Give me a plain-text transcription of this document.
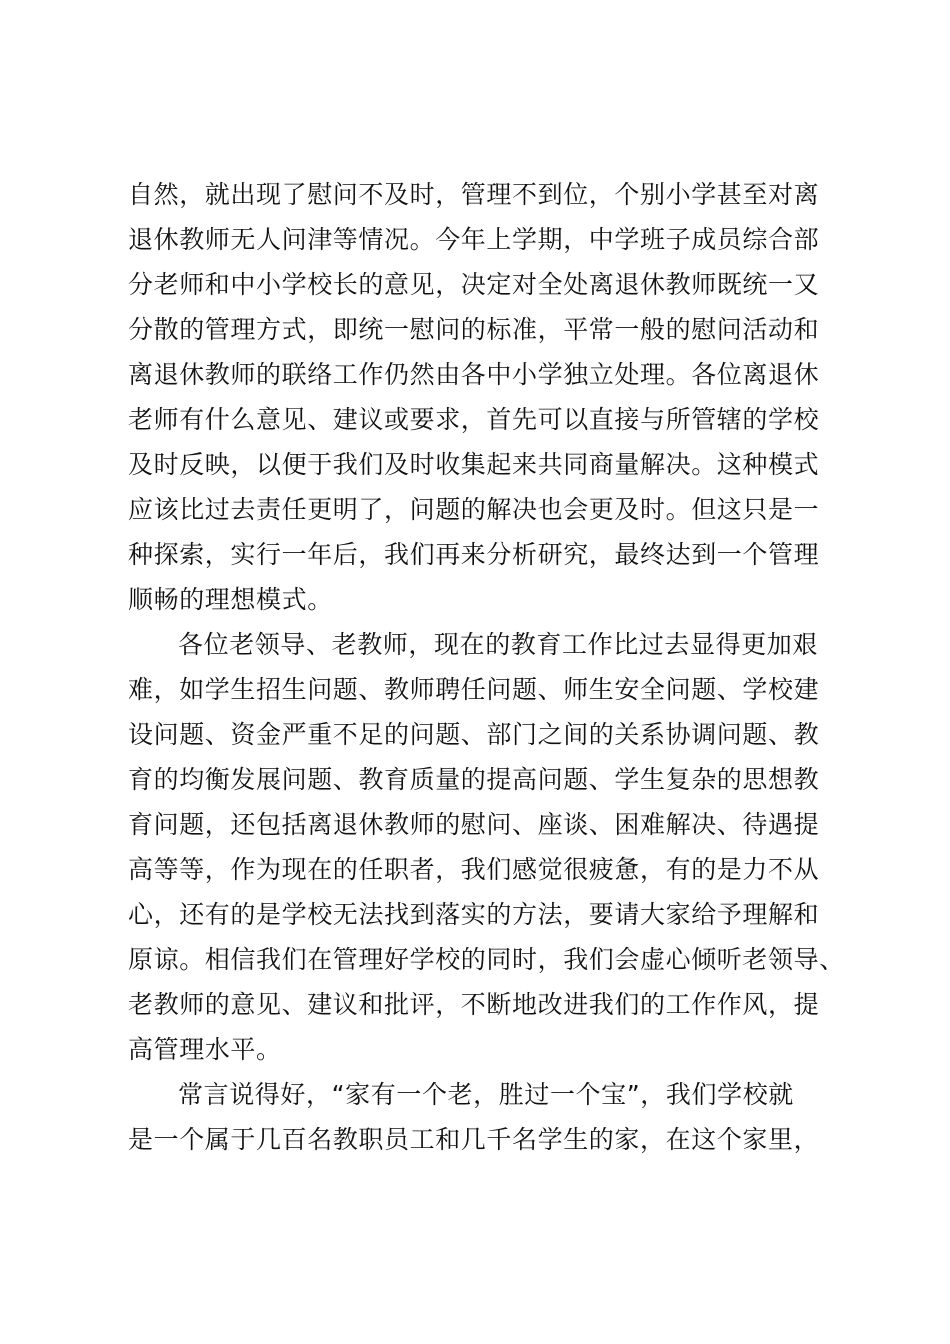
自然，就出现了慰问不及时，管理不到位，个别小学甚至对离
退休教师无人问津等情况。今年上学期，中学班子成员综合部
分老师和中小学校长的意见，决定对全处离退休教师既统一又
分散的管理方式，即统一慰问的标准，平常一般的慰问活动和
离退休教师的联络工作仍然由各中小学独立处理。各位离退休
老师有什么意见、建议或要求，首先可以直接与所管辖的学校
及时反映，以便于我们及时收集起来共同商量解决。这种模式
应该比过去责任更明了，问题的解决也会更及时。但这只是一
种探索，实行一年后，我们再来分析研究，最终达到一个管理
顺畅的理想模式。
各位老领导、老教师，现在的教育工作比过去显得更加艰
难，如学生招生问题、教师聘任问题、师生安全问题、学校建
设问题、资金严重不足的问题、部门之间的关系协调问题、教
育的均衡发展问题、教育质量的提高问题、学生复杂的思想教
育问题，还包括离退休教师的慰问、座谈、困难解决、待遇提
高等等，作为现在的任职者，我们感觉很疲惫，有的是力不从
心，还有的是学校无法找到落实的方法，要请大家给予理解和
原谅。相信我们在管理好学校的同时，我们会虚心倾听老领导、
老教师的意见、建议和批评，不断地改进我们的工作作风，提
高管理水平。
常言说得好，“家有一个老，胜过一个宝”，我们学校就
是一个属于几百名教职员工和几千名学生的家，在这个家里，
